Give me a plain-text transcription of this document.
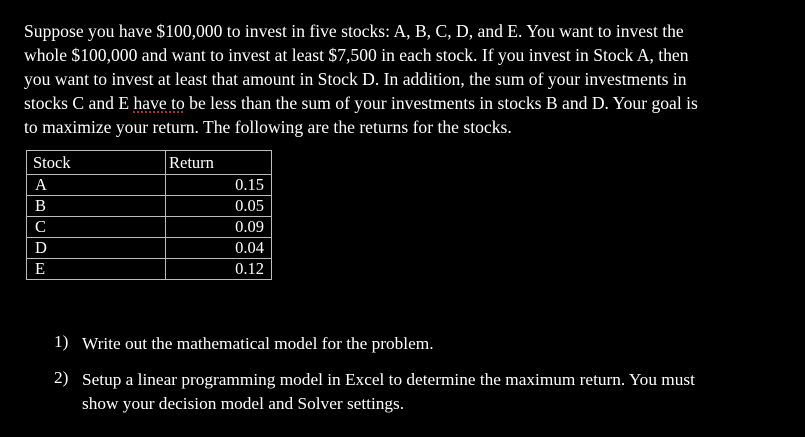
Suppose you have $100,000 to invest in five stocks: A, B, C, D, and E. You want to invest the
whole $100,000 and want to invest at least $7,500 in each stock. If you invest in Stock A, then
you want to invest at least that amount in Stock D. In addition, the sum of your investments in
stocks C and E have to be less than the sum of your investments in stocks B and D. Your goal is
to maximize your return. The following are the returns for the stocks.
Stock	Return
A	0.15
B	0.05
C	0.09
D	0.04
E	0.12
1) Write out the mathematical model for the problem.
2) Setup a linear programming model in Excel to determine the maximum return. You must
show your decision model and Solver settings.
